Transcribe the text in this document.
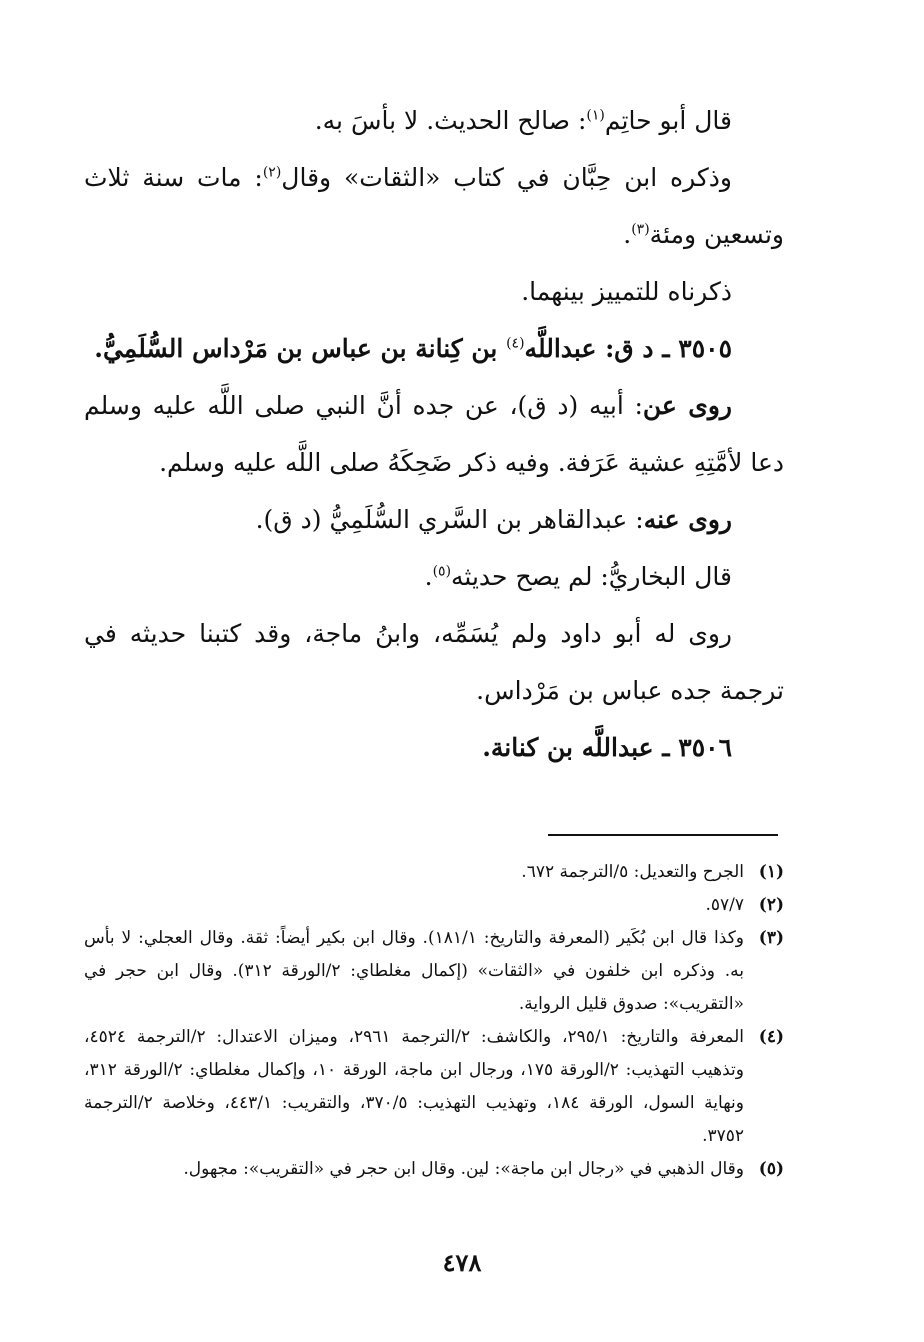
قال أبو حاتِم$^{(١)}$: صالح الحديث. لا بأسَ به.

وذكره ابن حِبَّان في كتاب «الثقات» وقال$^{(٢)}$: مات سنة ثلاث وتسعين ومئة$^{(٣)}$.

ذكرناه للتمييز بينهما.

٣٥٠٥ ـ د ق: عبداللَّه$^{(٤)}$ بن كِنانة بن عباس بن مَرْداس السُّلَمِيُّ.

روى عن: أبيه (د ق)، عن جده أنَّ النبي صلى اللَّه عليه وسلم دعا لأمَّتِهِ عشية عَرَفة. وفيه ذكر ضَحِكَهُ صلى اللَّه عليه وسلم.

روى عنه: عبدالقاهر بن السَّري السُّلَمِيُّ (د ق).

قال البخاريُّ: لم يصح حديثه$^{(٥)}$.

روى له أبو داود ولم يُسَمِّه، وابنُ ماجة، وقد كتبنا حديثه في ترجمة جده عباس بن مَرْداس.

٣٥٠٦ ـ عبداللَّه بن كنانة.

(١)
الجرح والتعديل: ٥/الترجمة ٦٧٢.

(٢)
٥٧/٧.

(٣)
وكذا قال ابن بُكَير (المعرفة والتاريخ: ١٨١/١). وقال ابن بكير أيضاً: ثقة. وقال العجلي: لا بأس به. وذكره ابن خلفون في «الثقات» (إكمال مغلطاي: ٢/الورقة ٣١٢). وقال ابن حجر في «التقريب»: صدوق قليل الرواية.

(٤)
المعرفة والتاريخ: ٢٩٥/١، والكاشف: ٢/الترجمة ٢٩٦١، وميزان الاعتدال: ٢/الترجمة ٤٥٢٤، وتذهيب التهذيب: ٢/الورقة ١٧٥، ورجال ابن ماجة، الورقة ١٠، وإكمال مغلطاي: ٢/الورقة ٣١٢، ونهاية السول، الورقة ١٨٤، وتهذيب التهذيب: ٣٧٠/٥، والتقريب: ٤٤٣/١، وخلاصة ٢/الترجمة ٣٧٥٢.

(٥)
وقال الذهبي في «رجال ابن ماجة»: لين. وقال ابن حجر في «التقريب»: مجهول.

٤٧٨
